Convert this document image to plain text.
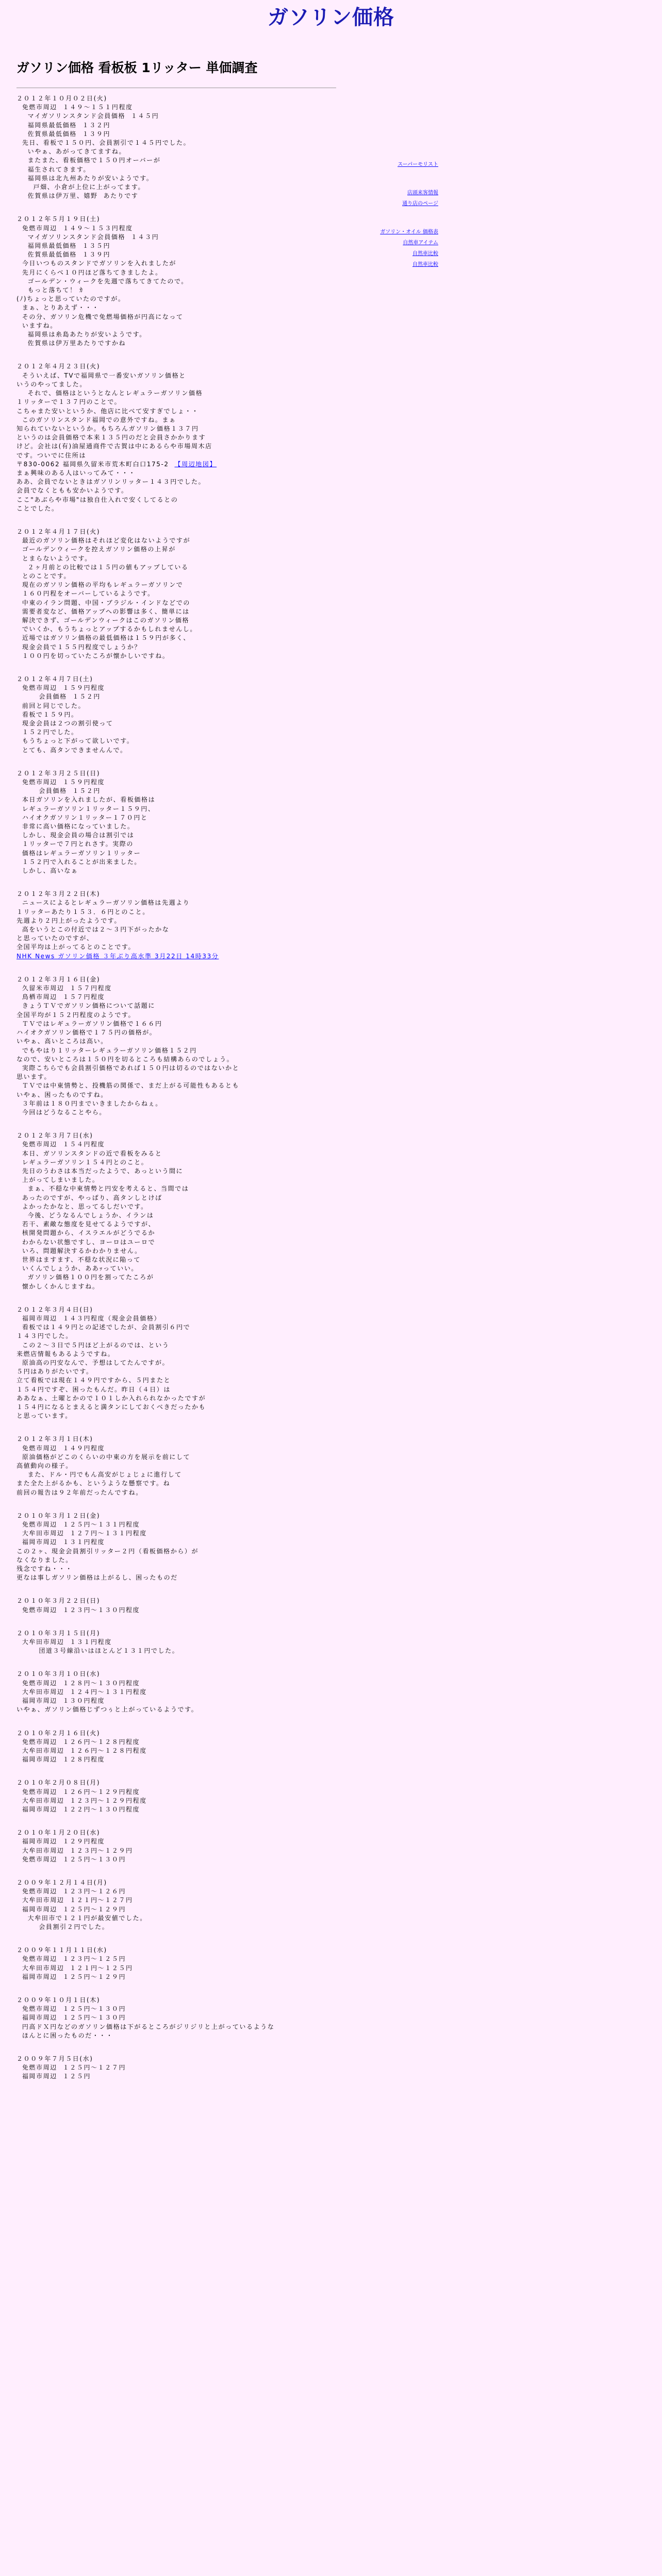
ガソリン価格
ガソリン価格 看板板 1リッター 単価調査

２０１２年１０月０２日(火)

免燃市周辺  １４９～１５１円程度

マイガソリンスタンド会員価格  １４５円

福岡県最低価格  １３２円

佐賀県最低価格  １３９円

先日、看板で１５０円、会員割引で１４５円でした。

いやぁ、あがってきてますね。

またまた、看板価格で１５０円オーバーが

福生されてきます。

福岡県は北九州あたりが安いようです。

戸畑、小倉が上位に上がってます。

佐賀県は伊万里、嬉野  あたりです

２０１２年５月１９日(土)

免燃市周辺  １４９～１５３円程度

マイガソリンスタンド会員価格  １４３円

福岡県最低価格  １３５円

佐賀県最低価格  １３９円

今日いつものスタンドでガソリンを入れましたが

先月にくらべ１０円ほど落ちてきましたよ。

ゴールデン・ウィークを先週で落ちてきてたので。

もっと落ちて！ ｶ

(ﾉ)ちょっと思っていたのですが。

まぁ、とりあえず・・・

その分、ガソリン危機で免燃場価格が円高になって

いますね。

福岡県は糸島あたりが安いようです。

佐賀県は伊万里あたりですかね

２０１２年４月２３日(火)

そういえば、TVで福岡県で一番安いガソリン価格と

いうのやってました。

それで、価格はというとなんとレギュラーガソリン価格

１リッターで１３７円のことで。

こちゃまた安いというか、他店に比べて安すぎでしょ・・

このガソリンスタンド福岡での意外ですね。まぁ

知られていないというか。もちろんガソリン価格１３７円

というのは会員価格で本来１３５円のだと会員さかかります

けど。会社は(有)油屋通商件で古賀は中にあるらや市場周木店

です。ついでに住所は

〒830-0062 福岡県久留米市荒木町白口175-2  【周辺地図】

まぁ興味のある人はいってみて・・・

ああ、会員でないときはガソリンリッター１４３円でした。

会員でなくともも安かいようです。

ここ"あぶらや市場"は独自仕入れで安くしてるとの

ことでした。

２０１２年４月１７日(火)

最近のガソリン価格はそれほど変化はないようですが

ゴールデンウィークを控えガソリン価格の上昇が

とまらないようです。

２ヶ月前との比較では１５円の値もアップしている

とのことです。

現在のガソリン価格の平均もレギュラーガソリンで

１６０円程をオーバーしているようです。

中東のイラン問題、中国・ブラジル・インドなどでの

需要者変など、価格アップへの影響は多く、簡単には

解決できず、ゴールデンウィークはこのガソリン価格

でいくか、もうちょっとアップするかもしれませんし。

近場ではガソリン価格の最低価格は１５９円が多く、

現金会員で１５５円程度でしょうか？

１００円を切っていたころが懐かしいですね。

２０１２年４月７日(土)

免燃市周辺  １５９円程度

会員価格  １５２円

前回と同じでした。

看板で１５９円。

現金会員は２つの割引使って

１５２円でした。

もうちょっと下がって欲しいです。

とても、高タンできませんんで。

２０１２年３月２５日(日)

免燃市周辺  １５９円程度

会員価格  １５２円

本日ガソリンを入れましたが、看板価格は

レギュラーガソリン１リッター１５９円、

ハイオクガソリン１リッター１７０円と

非常に高い価格になっていました。

しかし、現金会員の場合は割引では

１リッターで７円とれさす。実際の

価格はレギュラーガソリン１リッター

１５２円で入れることが出来ました。

しかし、高いなぁ

２０１２年３月２２日(木)

ニュースによるとレギュラーガソリン価格は先週より

１リッターあたり１５３．６円とのこと。

先週より２円上がったようです。

高をいうとこの付近では２～３円下がったかな

と思っていたのですが、

全国平均は上がってるとのことです。

NHK News ガソリン価格 ３年ぶり高水準 3月22日 14時33分

２０１２年３月１６日(金)

久留米市周辺  １５７円程度

鳥栖市周辺  １５７円程度

きょうＴＶでガソリン価格について話題に

全国平均が１５２円程度のようです。

ＴＶではレギュラーガソリン価格で１６６円

ハイオクガソリン価格で１７５円の価格が。

いやぁ、高いところは高い。

でもやはり１リッターレギュラーガソリン価格１５２円

なので、安いところは１５０円を切るところも結構あらのでしょう。

実際こちらでも会員割引価格であれば１５０円は切るのではないかと

思います。

ＴＶでは中東情勢と、投機筋の関係で、まだ上がる可能性もあるとも

いやぁ、困ったものですね。

３年前は１８０円までいきましたからねぇ。

今回はどうなることやら。

２０１２年３月７日(水)

免燃市周辺  １５４円程度

本日、ガソリンスタンドの近で看板をみると

レギュラーガソリン１５４円とのこと。

先日のうわさは本当だったようで、あっという間に

上がってしまいました。

まぁ、不穏な中東情勢と円安を考えると、当間では

あったのですが、やっぱり、高タンしとけば

よかったかなと、思ってるしだいです。

今後、どうなるんでしょうか、イランは

若干、素敵な態度を見せてるようですが、

核開発問題から、イスラエルがどうでるか

わからない状態ですし、ヨーロはユーロで

いろ、問題解決するかわかりません。

世界はますます、不穏な状況に陥って

いくんでしょうか、ああｯっていい。

ガソリン価格１００円を割ってたころが

懐かしくかんじますね。

２０１２年３月４日(日)

福岡市周辺  １４３円程度（現金会員価格）

看板では１４９円との記述でしたが、会員割引６円で

１４３円でした。

この２～３日で５円ほど上がるのでは、という

来燃店情報もあるようですね。

原油高の円安なんで、予想はしてたんですが。

５円はありがたいです。

立て看板では現在１４９円ですから、５円またと

１５４円ですぞ、困ったもんだ。昨日（４日）は

ああなぁ、土曜とかので１０１しか入れられなかったですが

１５４円になるとまえると満タンにしておくべきだったかも

と思っています。

２０１２年３月１日(木)

免燃市周辺  １４９円程度

原油価格がどこのくらいの中東の方を展示を前にして

高値動向の様子。

また、ドル・円でもん高安がじょじょに進行して

また全た上がるかも、というような懸察です。ね

前回の報告は９２年前だったんですね。

２０１０年３月１２日(金)

免燃市周辺  １２５円～１３１円程度

大牟田市周辺  １２７円～１３１円程度

福岡市周辺  １３１円程度

この２ヶ、現金会員割引リッター２円（看板価格から）が

なくなりました。

残念ですね・・・

更なは事しガソリン価格は上がるし、困ったものだ

２０１０年３月２２日(日)

免燃市周辺  １２３円～１３０円程度

２０１０年３月１５日(月)

大牟田市周辺  １３１円程度

団道３号線沿いはほとんど１３１円でした。

２０１０年３月１０日(水)

免燃市周辺  １２８円～１３０円程度

大牟田市周辺  １２４円～１３１円程度

福岡市周辺  １３０円程度

いやぁ、ガソリン価格じずつぅと上がっているようです。

２０１０年２月１６日(火)

免燃市周辺  １２６円～１２８円程度

大牟田市周辺  １２６円～１２８円程度

福岡市周辺  １２８円程度

２０１０年２月０８日(月)

免燃市周辺  １２６円～１２９円程度

大牟田市周辺  １２３円～１２９円程度

福岡市周辺  １２２円～１３０円程度

２０１０年１月２０日(水)

福岡市周辺  １２９円程度

大牟田市周辺  １２３円～１２９円

免燃市周辺  １２５円～１３０円

２００９年１２月１４日(月)

免燃市周辺  １２３円～１２６円

大牟田市周辺  １２１円～１２７円

福岡市周辺  １２５円～１２９円

大牟田市で１２１円が最安値でした。

会員割引２円でした。

２００９年１１月１１日(水)

免燃市周辺  １２３円～１２５円

大牟田市周辺  １２１円～１２５円

福岡市周辺  １２５円～１２９円

２００９年１０月１日(木)

免燃市周辺  １２５円～１３０円

福岡市周辺  １２５円～１３０円

円高ドＸ円などのガソリン価格は下がるところがジリジリと上がっているような

ほんとに困ったものだ・・・

２００９年７月５日(水)

免燃市周辺  １２５円～１２７円

福岡市周辺  １２５円

スーパーモリスト
店頭来客情報
通り店のページ
ガソリン・オイル 価格表
自然車アイテム
自然車比較
自然車比較
